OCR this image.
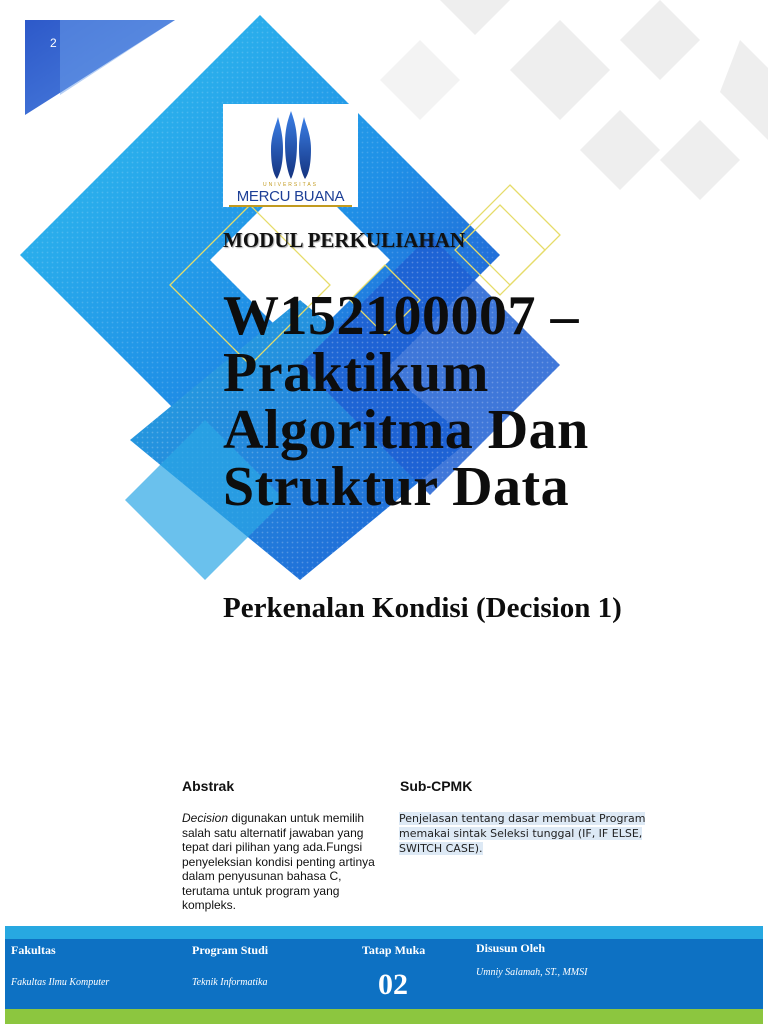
2
UNIVERSITAS
MERCU BUANA
MODUL PERKULIAHAN
W152100007 – Praktikum Algoritma Dan Struktur Data
Perkenalan Kondisi (Decision 1)
Abstrak	Sub-CPMK
Decision digunakan untuk memilih salah satu alternatif jawaban yang tepat dari pilihan yang ada.Fungsi penyeleksian kondisi penting artinya dalam penyusunan bahasa C, terutama untuk program yang kompleks.
Penjelasan tentang dasar membuat Program memakai sintak Seleksi tunggal (IF, IF ELSE, SWITCH CASE).
Fakultas
Fakultas Ilmu Komputer
Program Studi
Teknik Informatika
Tatap Muka
02
Disusun Oleh
Umniy Salamah, ST., MMSI
